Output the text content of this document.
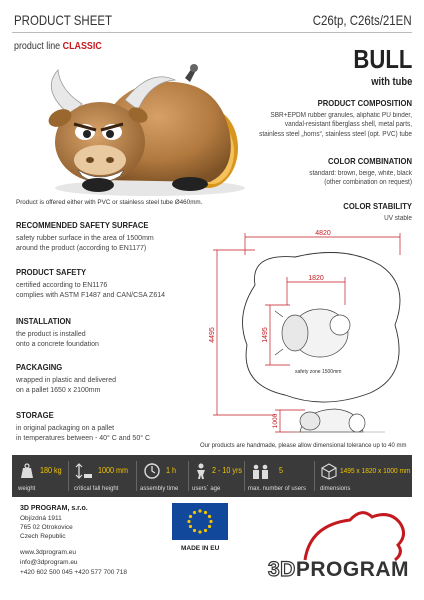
PRODUCT SHEET	C26tp, C26ts/21EN
product line CLASSIC	BULL
with tube
PRODUCT COMPOSITION
SBR+EPDM rubber granules, aliphatic PU binder,
vandal-resistant fiberglass shell, metal parts,
stainless steel „horns“, stainless steel (opt. PVC) tube
COLOR COMBINATION
standard: brown, beige, white, black
(other combination on request)
COLOR STABILITY
UV stable
Product is offered either with PVC or stainless steel tube Ø460mm.
RECOMMENDED SAFETY SURFACE
safety rubber surface in the area of 1500mm
around the product (according to EN1177)
PRODUCT SAFETY
certified according to EN1176
complies with ASTM F1487 and CAN/CSA Z614
INSTALLATION
the product is installed
onto a concrete foundation
PACKAGING
wrapped in plastic and delivered
on a pallet 1650 x 2100mm
STORAGE
in original packaging on a pallet
in temperatures between - 40° C and 50° C
4820
4495
1820
1495
1000
safety zone 1500mm
Our products are handmade, please allow dimensional tolerance up to 40 mm
180 kg
weight
1000 mm
critical fall height
1 h
assembly time
2 - 10 yrs
users´ age
5
max. number of users
1495 x 1820 x 1000 mm
dimensions
3D PROGRAM, s.r.o.
Objízdná 1911
765 02 Otrokovice
Czech Republic
www.3dprogram.eu
info@3dprogram.eu
+420 602 500 045 +420 577 700 718
MADE IN EU
3DPROGRAM
